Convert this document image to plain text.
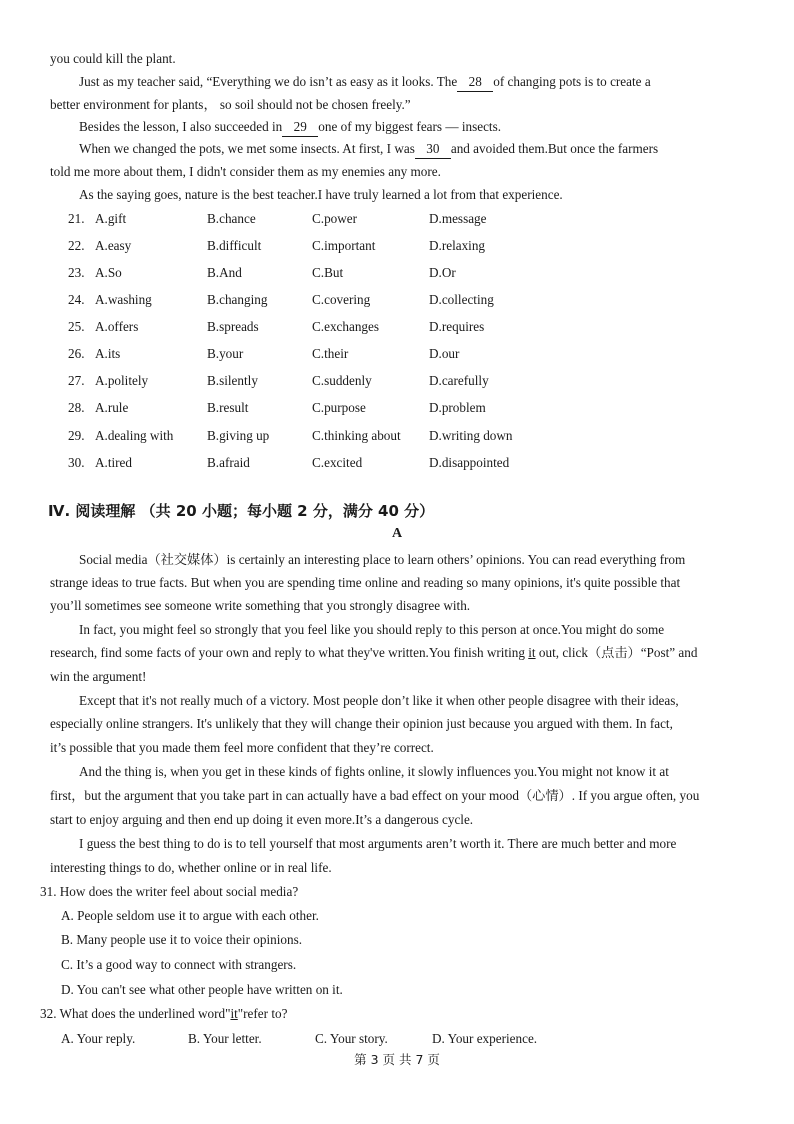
you could kill the plant.
Just as my teacher said, “Everything we do isn’t as easy as it looks. The 28 of changing pots is to create a
better environment for plants， so soil should not be chosen freely.”
Besides the lesson, I also succeeded in 29 one of my biggest fears — insects.
When we changed the pots, we met some insects. At first, I was 30 and avoided them.But once the farmers
told me more about them, I didn't consider them as my enemies any more.
As the saying goes, nature is the best teacher.I have truly learned a lot from that experience.
21. A.gift	B.chance	C.power	D.message
22. A.easy	B.difficult	C.important	D.relaxing
23. A.So	B.And	C.But	D.Or
24. A.washing	B.changing	C.covering	D.collecting
25. A.offers	B.spreads	C.exchanges	D.requires
26. A.its	B.your	C.their	D.our
27. A.politely	B.silently	C.suddenly	D.carefully
28. A.rule	B.result	C.purpose	D.problem
29. A.dealing with	B.giving up	C.thinking about D.writing down
30. A.tired	B.afraid	C.excited	D.disappointed
Ⅳ. 阅读理解 （共 20 小题；每小题 2 分，满分 40 分）
A
Social media（社交媒体）is certainly an interesting place to learn others’ opinions. You can read everything from
strange ideas to true facts. But when you are spending time online and reading so many opinions, it's quite possible that
you’ll sometimes see someone write something that you strongly disagree with.
In fact, you might feel so strongly that you feel like you should reply to this person at once.You might do some
research, find some facts of your own and reply to what they've written.You finish writing it out, click（点击）“Post” and
win the argument!
Except that it's not really much of a victory. Most people don’t like it when other people disagree with their ideas,
especially online strangers. It's unlikely that they will change their opinion just because you argued with them. In fact,
it’s possible that you made them feel more confident that they’re correct.
And the thing is, when you get in these kinds of fights online, it slowly influences you.You might not know it at
first，but the argument that you take part in can actually have a bad effect on your mood（心情）. If you argue often, you
start to enjoy arguing and then end up doing it even more.It’s a dangerous cycle.
I guess the best thing to do is to tell yourself that most arguments aren’t worth it. There are much better and more
interesting things to do, whether online or in real life.
31. How does the writer feel about social media?
A. People seldom use it to argue with each other.
B. Many people use it to voice their opinions.
C. It’s a good way to connect with strangers.
D. You can't see what other people have written on it.
32. What does the underlined word"it"refer to?
A. Your reply.	B. Your letter.	C. Your story.	D. Your experience.
第 3 页 共 7 页
